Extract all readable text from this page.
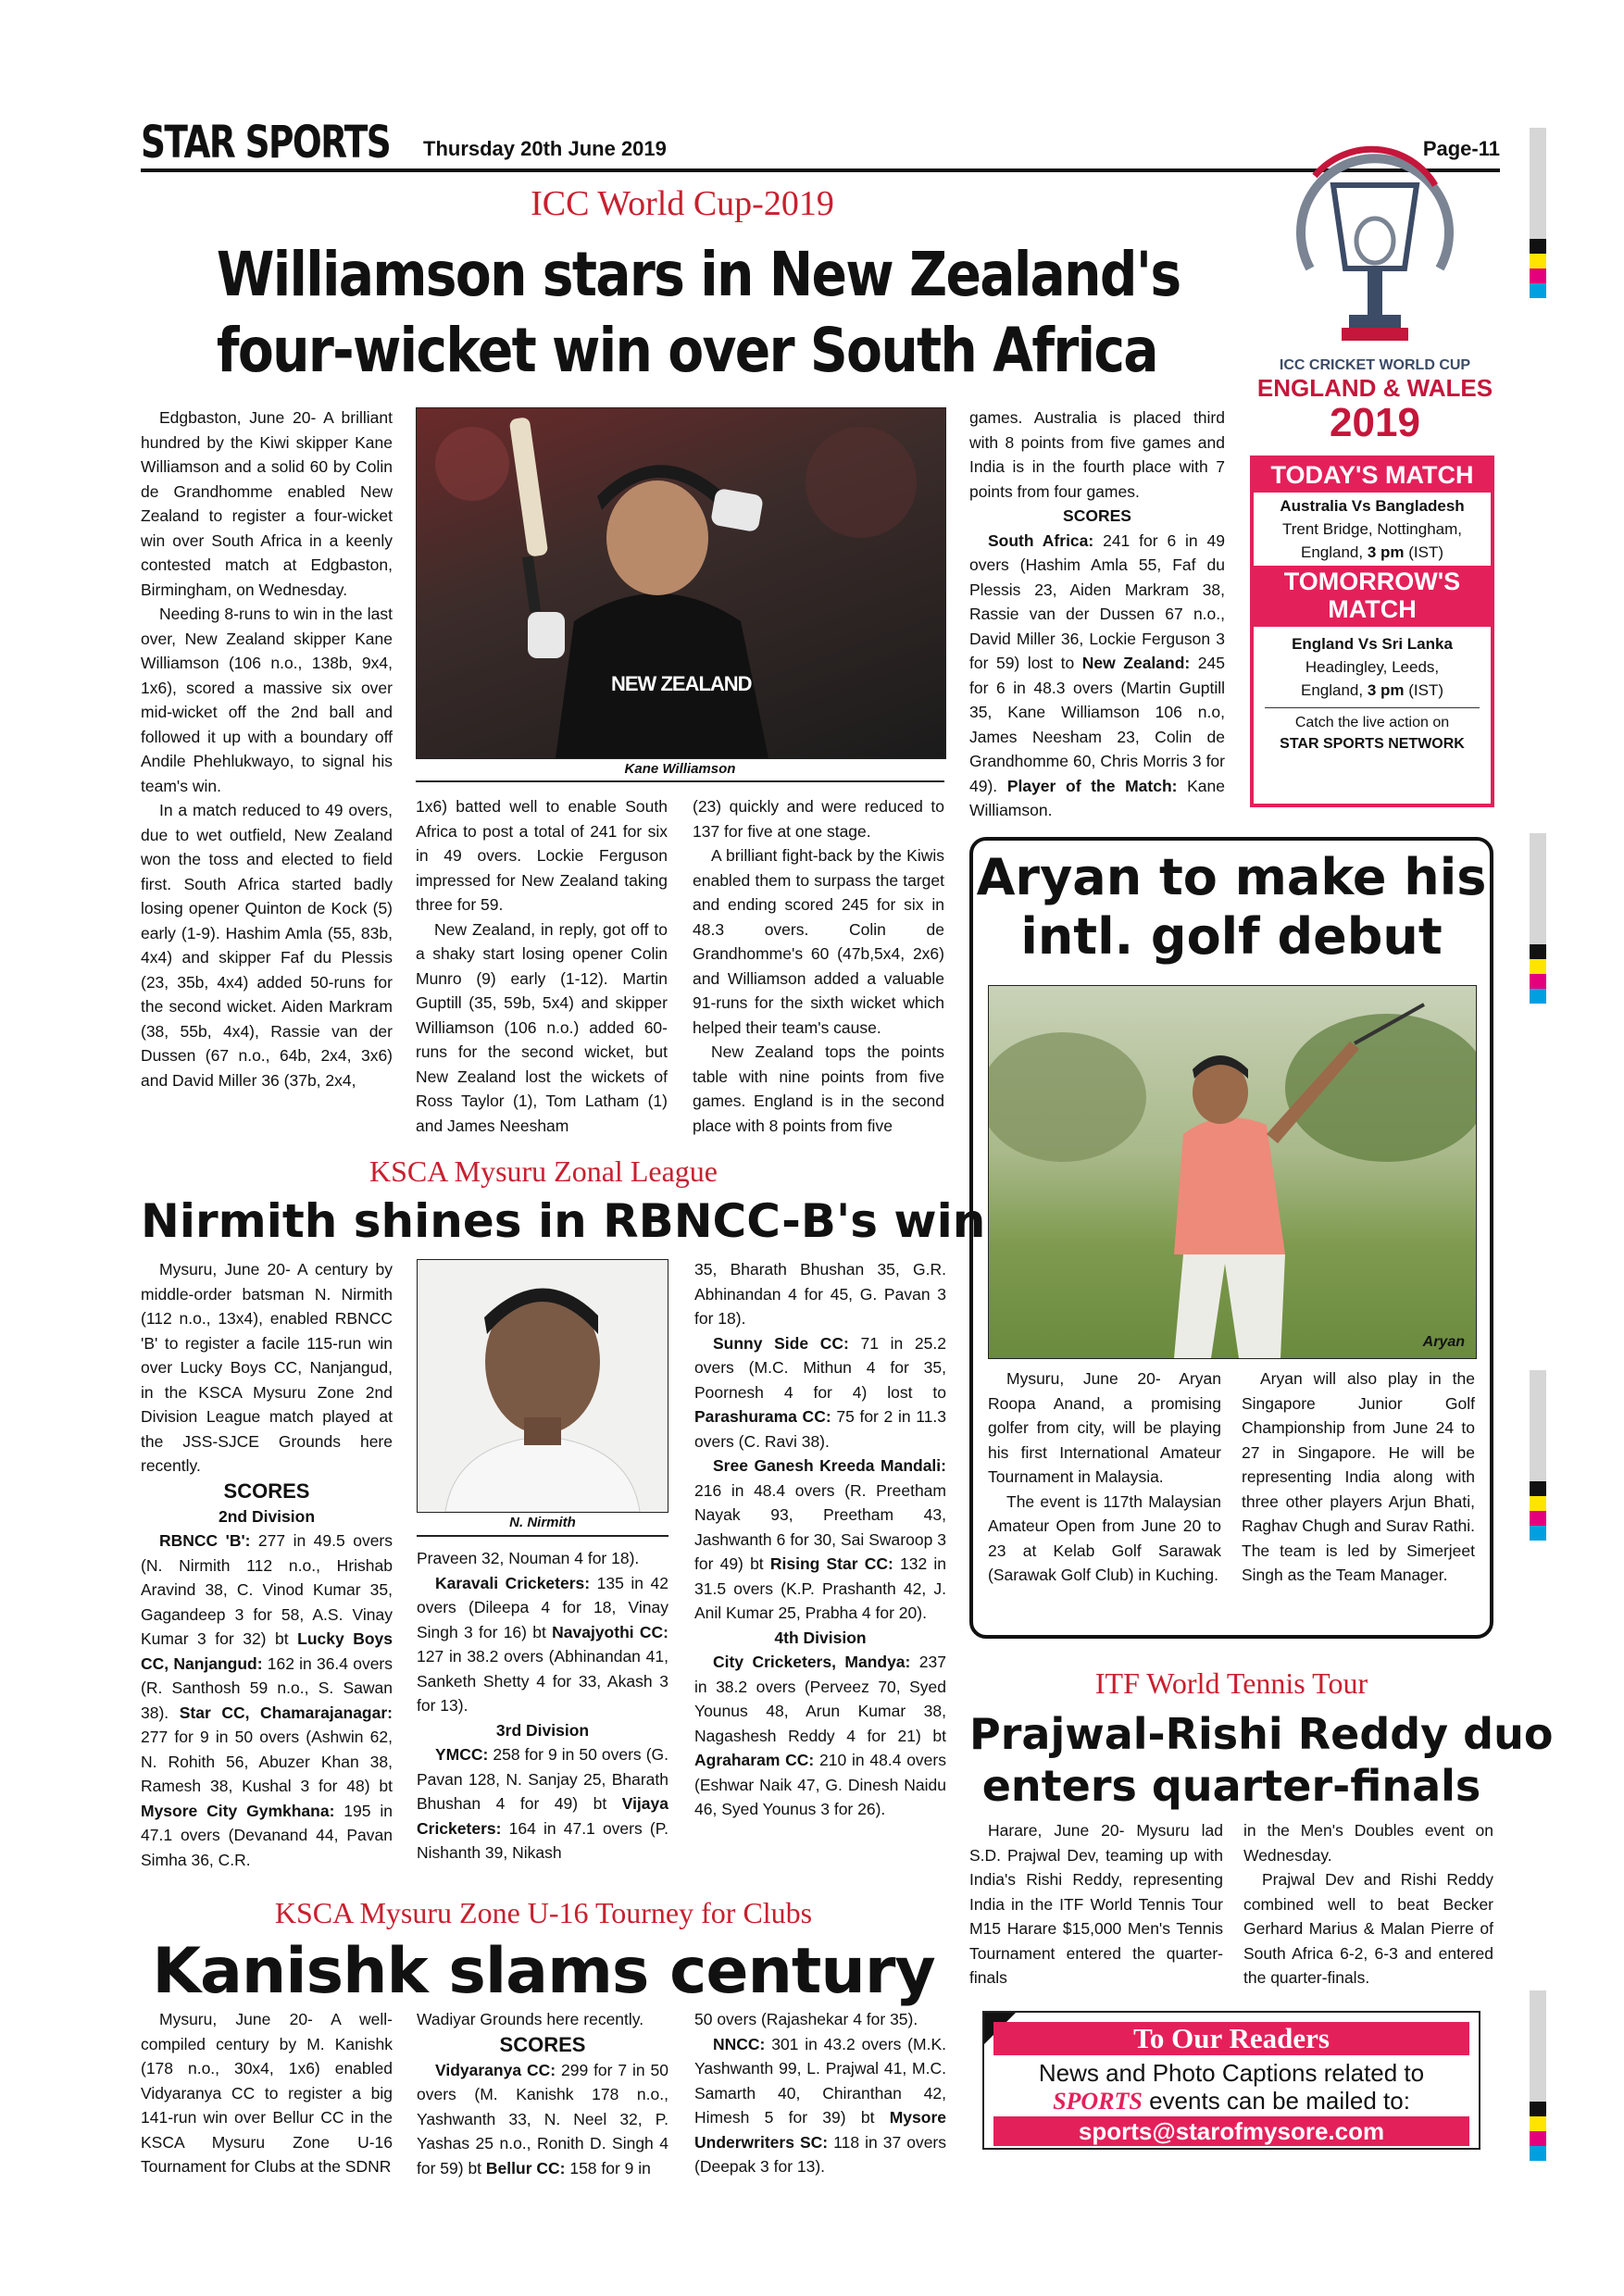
STAR SPORTS Thursday 20th June 2019	Page-11
ICC CRICKET WORLD CUP
ENGLAND & WALES
2019
TODAY'S MATCH
Australia Vs Bangladesh
Trent Bridge, Nottingham,
England, 3 pm (IST)
TOMORROW'S MATCH
England Vs Sri Lanka
Headingley, Leeds,
England, 3 pm (IST)
Catch the live action on
STAR SPORTS NETWORK
ICC World Cup-2019
Williamson stars in New Zealand's
four-wicket win over South Africa
NEW ZEALAND
Kane Williamson

Edgbaston, June 20- A brilliant hundred by the Kiwi skipper Kane Williamson and a solid 60 by Colin de Grandhomme enabled New Zealand to register a four-wicket win over South Africa in a keenly contested match at Edgbaston, Birmingham, on Wednesday.

Needing 8-runs to win in the last over, New Zealand skipper Kane Williamson (106 n.o., 138b, 9x4, 1x6), scored a massive six over mid-wicket off the 2nd ball and followed it up with a boundary off Andile Phehlukwayo, to signal his team's win.

In a match reduced to 49 overs, due to wet outfield, New Zealand won the toss and elected to field first. South Africa started badly losing opener Quinton de Kock (5) early (1-9). Hashim Amla (55, 83b, 4x4) and skipper Faf du Plessis (23, 35b, 4x4) added 50-runs for the second wicket. Aiden Markram (38, 55b, 4x4), Rassie van der Dussen (67 n.o., 64b, 2x4, 3x6) and David Miller 36 (37b, 2x4,

1x6) batted well to enable South Africa to post a total of 241 for six in 49 overs. Lockie Ferguson impressed for New Zealand taking three for 59.

New Zealand, in reply, got off to a shaky start losing opener Colin Munro (9) early (1-12). Martin Guptill (35, 59b, 5x4) and skipper Williamson (106 n.o.) added 60-runs for the second wicket, but New Zealand lost the wickets of Ross Taylor (1), Tom Latham (1) and James Neesham

(23) quickly and were reduced to 137 for five at one stage.

A brilliant fight-back by the Kiwis enabled them to surpass the target and ending scored 245 for six in 48.3 overs. Colin de Grandhomme's 60 (47b,5x4, 2x6) and Williamson added a valuable 91-runs for the sixth wicket which helped their team's cause.

New Zealand tops the points table with nine points from five games. England is in the second place with 8 points from five

games. Australia is placed third with 8 points from five games and India is in the fourth place with 7 points from four games.

SCORES

South Africa: 241 for 6 in 49 overs (Hashim Amla 55, Faf du Plessis 23, Aiden Markram 38, Rassie van der Dussen 67 n.o., David Miller 36, Lockie Ferguson 3 for 59) lost to New Zealand: 245 for 6 in 48.3 overs (Martin Guptill 35, Kane Williamson 106 n.o, James Neesham 23, Colin de Grandhomme 60, Chris Morris 3 for 49). Player of the Match: Kane Williamson.

Aryan to make his
intl. golf debut
Aryan

Mysuru, June 20- Aryan Roopa Anand, a promising golfer from city, will be playing his first International Amateur Tournament in Malaysia.

The event is 117th Malaysian Amateur Open from June 20 to 23 at Kelab Golf Sarawak (Sarawak Golf Club) in Kuching.

Aryan will also play in the Singapore Junior Golf Championship from June 24 to 27 in Singapore. He will be representing India along with three other players Arjun Bhati, Raghav Chugh and Surav Rathi. The team is led by Simerjeet Singh as the Team Manager.

KSCA Mysuru Zonal League
Nirmith shines in RBNCC-B's win
N. Nirmith

Mysuru, June 20- A century by middle-order batsman N. Nirmith (112 n.o., 13x4), enabled RBNCC 'B' to register a facile 115-run win over Lucky Boys CC, Nanjangud, in the KSCA Mysuru Zone 2nd Division League match played at the JSS-SJCE Grounds here recently.

SCORES

2nd Division

RBNCC 'B': 277 in 49.5 overs (N. Nirmith 112 n.o., Hrishab Aravind 38, C. Vinod Kumar 35, Gagandeep 3 for 58, A.S. Vinay Kumar 3 for 32) bt Lucky Boys CC, Nanjangud: 162 in 36.4 overs (R. Santhosh 59 n.o., S. Sawan 38). Star CC, Chamarajanagar: 277 for 9 in 50 overs (Ashwin 62, N. Rohith 56, Abuzer Khan 38, Ramesh 38, Kushal 3 for 48) bt Mysore City Gymkhana: 195 in 47.1 overs (Devanand 44, Pavan Simha 36, C.R.

Praveen 32, Nouman 4 for 18).

Karavali Cricketers: 135 in 42 overs (Dileepa 4 for 18, Vinay Singh 3 for 16) bt Navajyothi CC: 127 in 38.2 overs (Abhinandan 41, Sanketh Shetty 4 for 33, Akash 3 for 13).

3rd Division

YMCC: 258 for 9 in 50 overs (G. Pavan 128, N. Sanjay 25, Bharath Bhushan 4 for 49) bt Vijaya Cricketers: 164 in 47.1 overs (P. Nishanth 39, Nikash

35, Bharath Bhushan 35, G.R. Abhinandan 4 for 45, G. Pavan 3 for 18).

Sunny Side CC: 71 in 25.2 overs (M.C. Mithun 4 for 35, Poornesh 4 for 4) lost to Parashurama CC: 75 for 2 in 11.3 overs (C. Ravi 38).

Sree Ganesh Kreeda Mandali: 216 in 48.4 overs (R. Preetham Nayak 93, Preetham 43, Jashwanth 6 for 30, Sai Swaroop 3 for 49) bt Rising Star CC: 132 in 31.5 overs (K.P. Prashanth 42, J. Anil Kumar 25, Prabha 4 for 20).

4th Division

City Cricketers, Mandya: 237 in 38.2 overs (Perveez 70, Syed Younus 48, Arun Kumar 38, Nagashesh Reddy 4 for 21) bt Agraharam CC: 210 in 48.4 overs (Eshwar Naik 47, G. Dinesh Naidu 46, Syed Younus 3 for 26).

ITF World Tennis Tour
Prajwal-Rishi Reddy duo
enters quarter-finals

Harare, June 20- Mysuru lad S.D. Prajwal Dev, teaming up with India's Rishi Reddy, representing India in the ITF World Tennis Tour M15 Harare $15,000 Men's Tennis Tournament entered the quarter-finals

in the Men's Doubles event on Wednesday.

Prajwal Dev and Rishi Reddy combined well to beat Becker Gerhard Marius & Malan Pierre of South Africa 6-2, 6-3 and entered the quarter-finals.

KSCA Mysuru Zone U-16 Tourney for Clubs
Kanishk slams century

Mysuru, June 20- A well-compiled century by M. Kanishk (178 n.o., 30x4, 1x6) enabled Vidyaranya CC to register a big 141-run win over Bellur CC in the KSCA Mysuru Zone U-16 Tournament for Clubs at the SDNR

Wadiyar Grounds here recently.

SCORES

Vidyaranya CC: 299 for 7 in 50 overs (M. Kanishk 178 n.o., Yashwanth 33, N. Neel 32, P. Yashas 25 n.o., Ronith D. Singh 4 for 59) bt Bellur CC: 158 for 9 in

50 overs (Rajashekar 4 for 35).

NNCC: 301 in 43.2 overs (M.K. Yashwanth 99, L. Prajwal 41, M.C. Samarth 40, Chiranthan 42, Himesh 5 for 39) bt Mysore Underwriters SC: 118 in 37 overs (Deepak 3 for 13).

To Our Readers
News and Photo Captions related to
SPORTS events can be mailed to:
sports@starofmysore.com
